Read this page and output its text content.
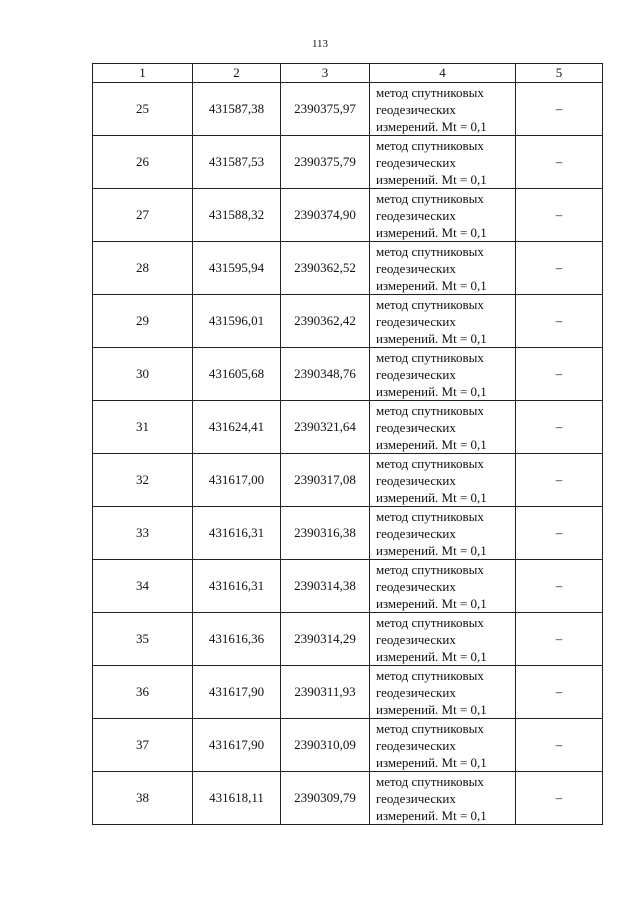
113
1	2	3	4	5
25	431587,38	2390375,97	метод спутниковых
геодезических
измерений. Mt = 0,1	–
26	431587,53	2390375,79	метод спутниковых
геодезических
измерений. Mt = 0,1	–
27	431588,32	2390374,90	метод спутниковых
геодезических
измерений. Mt = 0,1	–
28	431595,94	2390362,52	метод спутниковых
геодезических
измерений. Mt = 0,1	–
29	431596,01	2390362,42	метод спутниковых
геодезических
измерений. Mt = 0,1	–
30	431605,68	2390348,76	метод спутниковых
геодезических
измерений. Mt = 0,1	–
31	431624,41	2390321,64	метод спутниковых
геодезических
измерений. Mt = 0,1	–
32	431617,00	2390317,08	метод спутниковых
геодезических
измерений. Mt = 0,1	–
33	431616,31	2390316,38	метод спутниковых
геодезических
измерений. Mt = 0,1	–
34	431616,31	2390314,38	метод спутниковых
геодезических
измерений. Mt = 0,1	–
35	431616,36	2390314,29	метод спутниковых
геодезических
измерений. Mt = 0,1	–
36	431617,90	2390311,93	метод спутниковых
геодезических
измерений. Mt = 0,1	–
37	431617,90	2390310,09	метод спутниковых
геодезических
измерений. Mt = 0,1	–
38	431618,11	2390309,79	метод спутниковых
геодезических
измерений. Mt = 0,1	–
